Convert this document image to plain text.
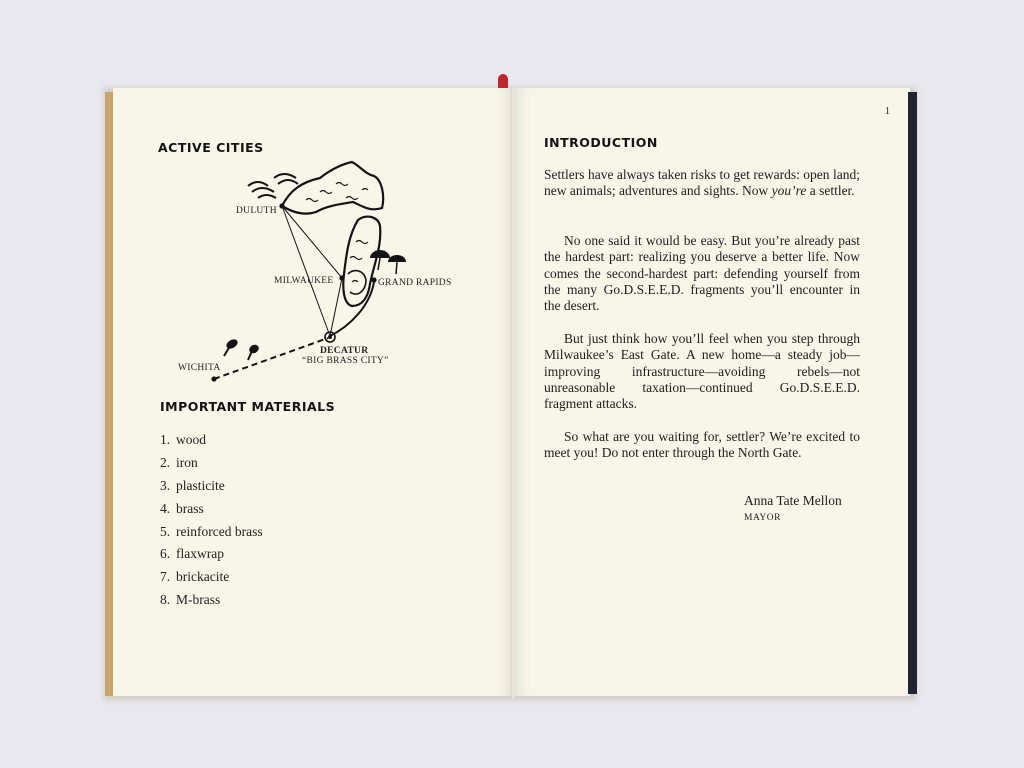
ACTIVE CITIES
DULUTH
MILWAUKEE	GRAND RAPIDS
DECATUR
“BIG BRASS CITY”
WICHITA
IMPORTANT MATERIALS
1. wood
2. iron
3. plasticite
4. brass
5. reinforced brass
6. flaxwrap
7. brickacite
8. M-brass
1
INTRODUCTION

Settlers have always taken risks to get rewards: open land; new animals; adventures and sights. Now you’re a settler.

No one said it would be easy. But you’re already past the hardest part: realizing you deserve a better life. Now comes the second-hardest part: defending yourself from the many Go.D.S.E.E.D. fragments you’ll encounter in the desert.

But just think how you’ll feel when you step through Milwaukee’s East Gate. A new home—a steady job—improving infrastructure—avoiding rebels—not unreasonable taxation—continued Go.D.S.E.E.D. fragment attacks.

So what are you waiting for, settler? We’re excited to meet you! Do not enter through the North Gate.

Anna Tate Mellon
MAYOR
